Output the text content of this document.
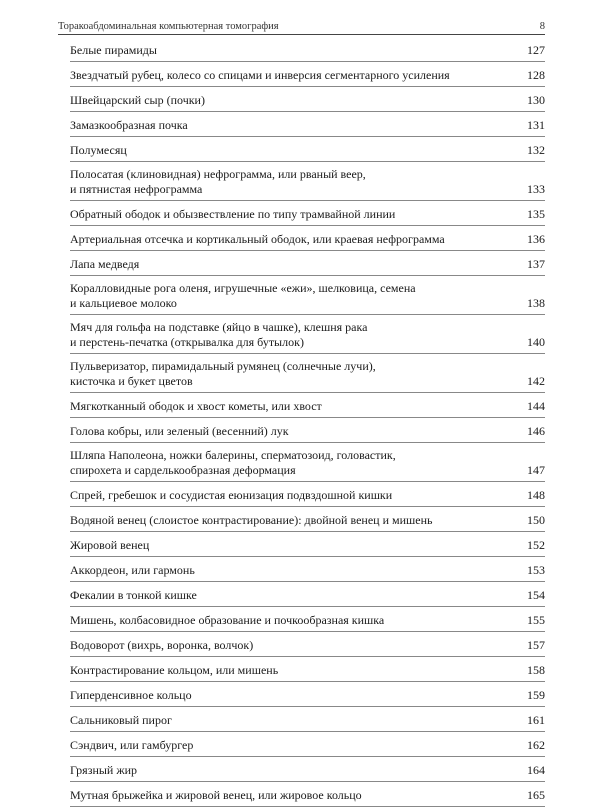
Торакоабдоминальная компьютерная томография	8
Белые пирамиды	127
Звездчатый рубец, колесо со спицами и инверсия сегментарного усиления	128
Швейцарский сыр (почки)	130
Замазкообразная почка	131
Полумесяц	132
Полосатая (клиновидная) нефрограмма, или рваный веер,
и пятнистая нефрограмма	133
Обратный ободок и обызвествление по типу трамвайной линии	135
Артериальная отсечка и кортикальный ободок, или краевая нефрограмма	136
Лапа медведя	137
Коралловидные рога оленя, игрушечные «ежи», шелковица, семена
и кальциевое молоко	138
Мяч для гольфа на подставке (яйцо в чашке), клешня рака
и перстень-печатка (открывалка для бутылок)	140
Пульверизатор, пирамидальный румянец (солнечные лучи),
кисточка и букет цветов	142
Мягкотканный ободок и хвост кометы, или хвост	144
Голова кобры, или зеленый (весенний) лук	146
Шляпа Наполеона, ножки балерины, сперматозоид, головастик,
спирохета и сарделькообразная деформация	147
Спрей, гребешок и сосудистая еюнизация подвздошной кишки	148
Водяной венец (слоистое контрастирование): двойной венец и мишень	150
Жировой венец	152
Аккордеон, или гармонь	153
Фекалии в тонкой кишке	154
Мишень, колбасовидное образование и почкообразная кишка	155
Водоворот (вихрь, воронка, волчок)	157
Контрастирование кольцом, или мишень	158
Гиперденсивное кольцо	159
Сальниковый пирог	161
Сэндвич, или гамбургер	162
Грязный жир	164
Мутная брыжейка и жировой венец, или жировое кольцо	165
